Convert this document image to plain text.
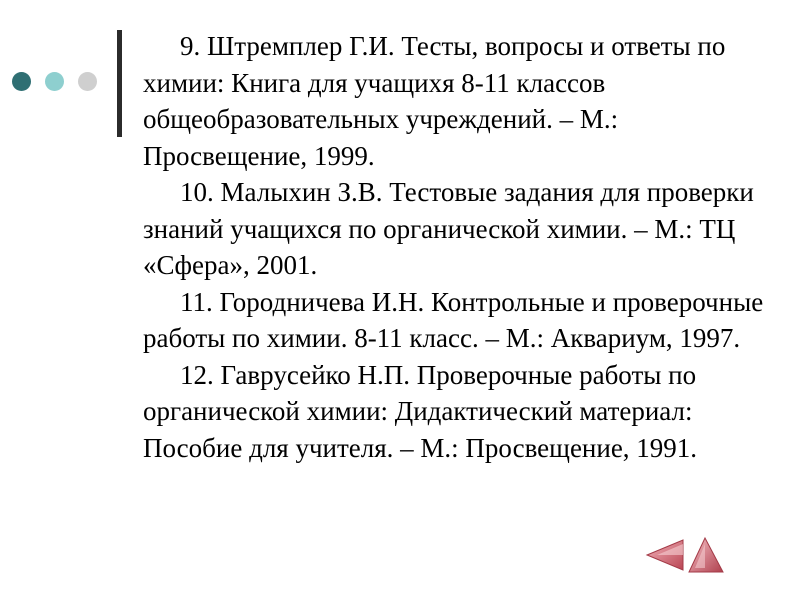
9. Штремплер Г.И. Тесты, вопросы и ответы по химии: Книга для учащихя 8-11 классов общеобразовательных учреждений. – М.: Просвещение, 1999.

10. Малыхин З.В. Тестовые задания для проверки знаний учащихся по органической химии. – М.: ТЦ «Сфера», 2001.

11. Городничева И.Н. Контрольные и проверочные работы по химии. 8-11 класс. – М.: Аквариум, 1997.

12. Гаврусейко Н.П. Проверочные работы по органической химии: Дидактический материал: Пособие для учителя. – М.: Просвещение, 1991.
